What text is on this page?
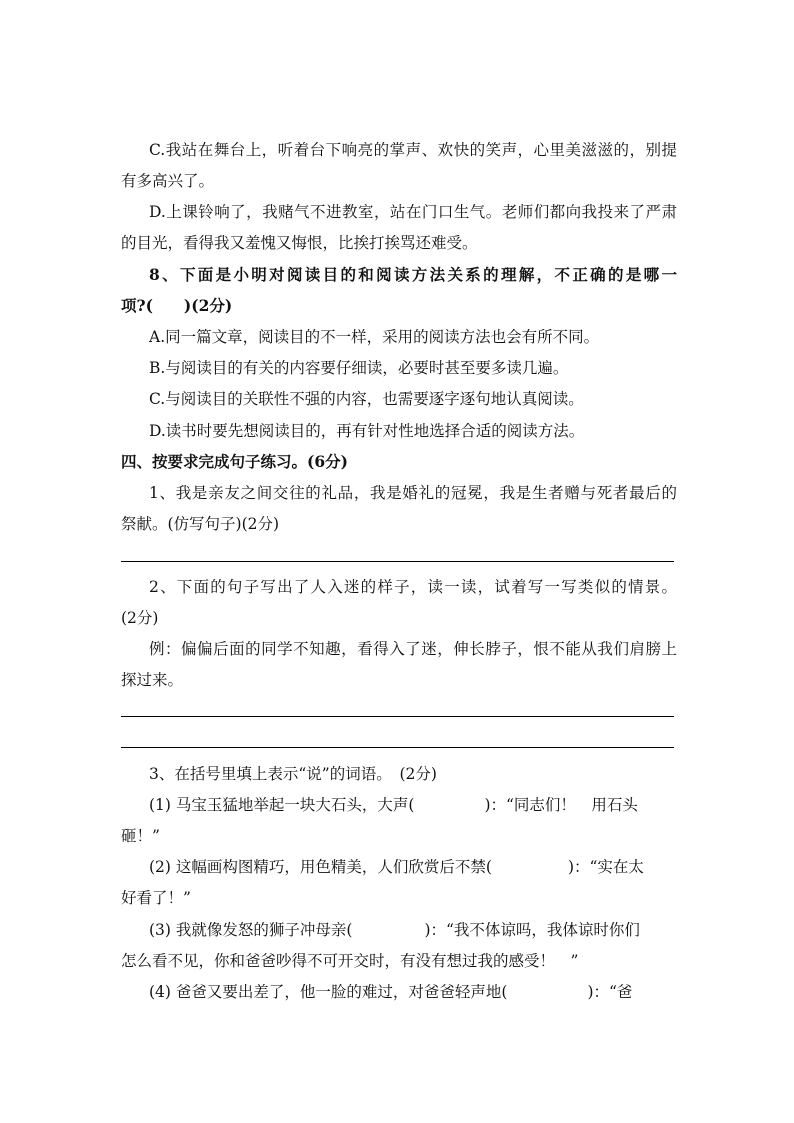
C.我站在舞台上，听着台下响亮的掌声、欢快的笑声，心里美滋滋的，别提
有多高兴了。
D.上课铃响了，我赌气不进教室，站在门口生气。老师们都向我投来了严肃
的目光，看得我又羞愧又悔恨，比挨打挨骂还难受。
8、下面是小明对阅读目的和阅读方法关系的理解，不正确的是哪一
项?(　　)(2分)
A.同一篇文章，阅读目的不一样，采用的阅读方法也会有所不同。
B.与阅读目的有关的内容要仔细读，必要时甚至要多读几遍。
C.与阅读目的关联性不强的内容，也需要逐字逐句地认真阅读。
D.读书时要先想阅读目的，再有针对性地选择合适的阅读方法。
四、按要求完成句子练习。(6分)
1、我是亲友之间交往的礼品，我是婚礼的冠冕，我是生者赠与死者最后的
祭献。(仿写句子)(2分)
2、下面的句子写出了人入迷的样子，读一读，试着写一写类似的情景。
(2分)
例：偏偏后面的同学不知趣，看得入了迷，伸长脖子，恨不能从我们肩膀上
探过来。
3、在括号里填上表示“说”的词语。　(2分)
(1) 马宝玉猛地举起一块大石头，大声(	)：“同志们！　用石头
砸！”
(2) 这幅画构图精巧，用色精美，人们欣赏后不禁(	)：“实在太
好看了！”
(3) 我就像发怒的狮子冲母亲(	)：“我不体谅吗，我体谅时你们
怎么看不见，你和爸爸吵得不可开交时，有没有想过我的感受！　”
(4) 爸爸又要出差了，他一脸的难过，对爸爸轻声地(	)：“爸
